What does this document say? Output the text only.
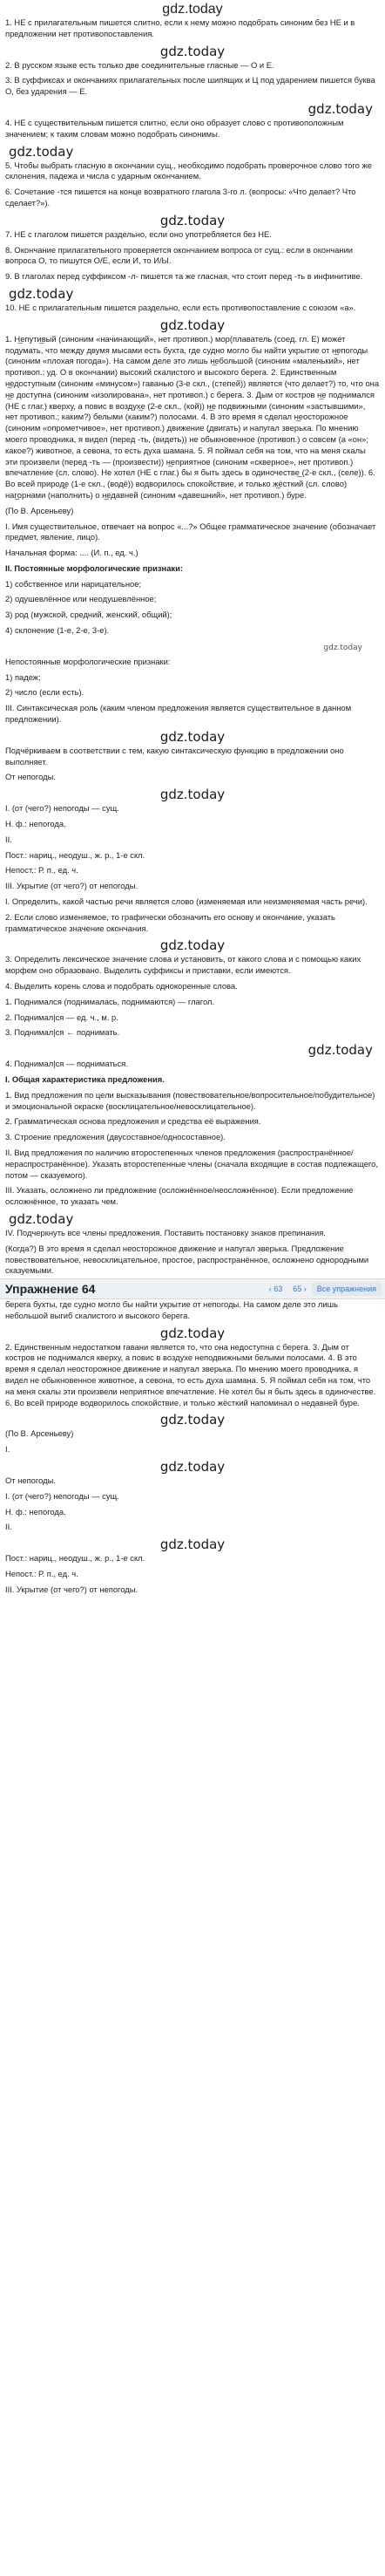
gdz.today

1. НЕ с прилагательным пишется слитно, если к нему можно подобрать синоним без НЕ и в предложении нет противопоставления.

gdz.today

2. В русском языке есть только две соединительные гласные — О и Е.

3. В суффиксах и окончаниях прилагательных после шипящих и Ц под ударением пишется буква О, без ударения — Е.

gdz.today

4. НЕ с существительным пишется слитно, если оно образует слово с противоположным значением; к таким словам можно подобрать синонимы.

gdz.today

5. Чтобы выбрать гласную в окончании сущ., необходимо подобрать проверочное слово того же склонения, падежа и числа с ударным окончанием.

6. Сочетание -тся пишется на конце возвратного глагола 3-го л. (вопросы: «Что делает? Что сделает?»).

gdz.today

7. НЕ с глаголом пишется раздельно, если оно употребляется без НЕ.

8. Окончание прилагательного проверяется окончанием вопроса от сущ.: если в окончании вопроса О, то пишутся О/Е, если И, то И/Ы.

9. В глаголах перед суффиксом -л- пишется та же гласная, что стоит перед -ть в инфинитиве.

gdz.today

10. НЕ с прилагательным пишется раздельно, если есть противопоставление с союзом «а».

gdz.today

1. Н̲епути̲вый (синоним «начинающий», нет противоп.) мор(плаватель (соед. гл. Е) может подумать, что между двумя мысами есть бухта, где судно могло бы найти укрытие от н̲епогоды (синоним «плохая погода»). На самом деле это лишь н̲ебольшой (синоним «маленький», нет противоп.; уд. О в окончании) высокий скалистого и высокого берега. 2. Единственным н̲едоступным (синоним «минусом») гаванью (3-е скл., (степей)) является (что делает?) то, что она н̲е доступна (синоним «изолирована», нет противоп.) с берега. 3. Дым от костров н̲е поднимался (НЕ с глаг.) кверху, а повис в воздух̲е (2-е скл., (кой)) н̲е подвижными (синоним «застывшими», нет противоп.; каким?) белыми (каким?) полосами. 4. В это время я сделал н̲еосторожное (синоним «опрометчивое», нет противоп.) движение (двигать) и напугал зверька. По мнению моего проводника, я видел (перед -ть, (видеть)) не обыкновенное (противоп.) о совсем (а «он»; какое?) животное, а севона, то есть духа шамана. 5. Я поймал себя на том, что на меня скалы эти произвели (перед -ть — (произвести)) н̲еприятное (синоним «скверное», нет противоп.) впечатление (сл. слово). Не хотел (НЕ с глаг.) бы я быть здесь в одиночестве̲ (2-е скл., (селе)). 6. Во всей природ̲е (1-е скл., (водё)) водворилось спокойствие, и только ж̲ёсткий (сл. слово) наг̲орнами (наполнить) о н̲едавней (синоним «давешний», нет противоп.) буре.

(По В. Арсеньеву)

I. Имя существительное, отвечает на вопрос «...?» Общее грамматическое значение (обозначает предмет, явление, лицо).

Начальная форма: .... (И. п., ед. ч.)

II. Постоянные морфологические признаки:

1) собственное или нарицательное;

2) одушевлённое или неодушевлённое;

3) род (мужской, средний, женский, общий);

4) склонение (1-е, 2-е, 3-е).

gdz.today

Непостоянные морфологические признаки:

1) падеж;

2) число (если есть).

III. Синтаксическая роль (каким членом предложения является существительное в данном предложении).

gdz.today

Подчёркиваем в соответствии с тем, какую синтаксическую функцию в предложении оно выполняет.

От непогоды.

gdz.today

I. (от (чего?) непогоды — сущ.

Н. ф.: непогода.

II.

Пост.: нариц., неодуш., ж. р., 1-е скл.

Непост.: Р. п., ед. ч.

III. Укрытие (от чего?) от непогоды.

I. Определить, какой частью речи является слово (изменяемая или неизменяемая часть речи).

2. Если слово изменяемое, то графически обозначить его основу и окончание, указать грамматическое значение окончания.

gdz.today

3. Определить лексическое значение слова и установить, от какого слова и с помощью каких морфем оно образовано. Выделить суффиксы и приставки, если имеются.

4. Выделить корень слова и подобрать однокоренные слова.

1. Поднимался (поднималась, поднимаются) — глагол.

2. Поднимал|ся — ед. ч., м. р.

3. Поднимал|ся ← поднимать.

gdz.today

4. Поднимал|ся — подниматься.

I. Общая характеристика предложения.

1. Вид предложения по цели высказывания (повествовательное/вопросительное/побудительное) и эмоциональной окраске (восклицательное/невосклицательное).

2. Грамматическая основа предложения и средства её выражения.

3. Строение предложения (двусоставное/односоставное).

II. Вид предложения по наличию второстепенных членов предложения (распространённое/нераспространённое). Указать второстепенные члены (сначала входящие в состав подлежащего, потом — сказуемого).

III. Указать, осложнено ли предложение (осложнённое/неосложнённое). Если предложение осложнённое, то указать чем.

gdz.today

IV. Подчеркнуть все члены предложения. Поставить постановку знаков препинания.

(Когда?) В это время я сделал неосторожное движение и напугал зверька. Предложение повествовательное, невосклицательное, простое, распространённое, осложнено однородными сказуемыми.

Упражнение 64	‹ 63 65 ›	Все упражнения

берега бухты, где судно могло бы найти укрытие от непогоды. На самом деле это лишь небольшой выгиб скалистого и высокого берега.

gdz.today

2. Единственным недостатком гавани является то, что она недоступна с берега. 3. Дым от костров не поднимался кверху, а повис в воздухе неподвижными белыми полосами. 4. В это время я сделал неосторожное движение и напугал зверька. По мнению моего проводника, я видел не обыкновенное животное, а севона, то есть духа шамана. 5. Я поймал себя на том, что на меня скалы эти произвели неприятное впечатление. Не хотел бы я быть здесь в одиночестве. 6. Во всей природе водворилось спокойствие, и только жёсткий напоминал о недавней буре.

gdz.today

(По В. Арсеньеву)

I.

gdz.today

От непогоды.

I. (от (чего?) непогоды — сущ.

Н. ф.: непогода.

II.

gdz.today

Пост.: нариц., неодуш., ж. р., 1-е скл.

Непост.: Р. п., ед. ч.

III. Укрытие (от чего?) от непогоды.
